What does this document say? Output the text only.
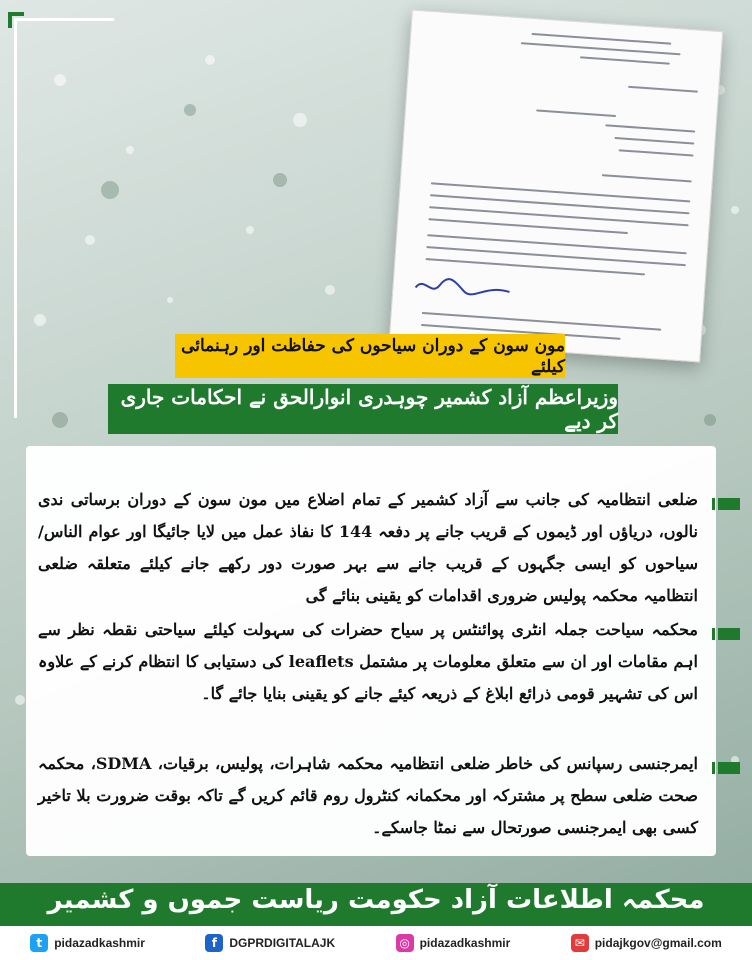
مون سون کے دوران سیاحوں کی حفاظت اور رہنمائی کیلئے
وزیراعظم آزاد کشمیر چوہدری انوارالحق نے احکامات جاری کر دیے
ضلعی انتظامیہ کی جانب سے آزاد کشمیر کے تمام اضلاع میں مون سون کے دوران برساتی ندی نالوں، دریاؤں اور ڈیموں کے قریب جانے پر دفعہ 144 کا نفاذ عمل میں لایا جائیگا اور عوام الناس/ سیاحوں کو ایسی جگہوں کے قریب جانے سے بہر صورت دور رکھے جانے کیلئے متعلقہ ضلعی انتظامیہ محکمہ پولیس ضروری اقدامات کو یقینی بنائے گی
محکمہ سیاحت جملہ انٹری پوائنٹس پر سیاح حضرات کی سہولت کیلئے سیاحتی نقطہ نظر سے اہم مقامات اور ان سے متعلق معلومات پر مشتمل leaflets کی دستیابی کا انتظام کرنے کے علاوہ اس کی تشہیر قومی ذرائع ابلاغ کے ذریعہ کیئے جانے کو یقینی بنایا جائے گا۔
ایمرجنسی رسپانس کی خاطر ضلعی انتظامیہ محکمہ شاہرات، پولیس، برقیات، SDMA، محکمہ صحت ضلعی سطح پر مشترکہ اور محکمانہ کنٹرول روم قائم کریں گے تاکہ بوقت ضرورت بلا تاخیر کسی بھی ایمرجنسی صورتحال سے نمٹا جاسکے۔
محکمہ اطلاعات آزاد حکومت ریاست جموں و کشمیر
t	pidazadkashmir	f	DGPRDIGITALAJK	◎ pidazadkashmir	✉ pidajkgov@gmail.com
